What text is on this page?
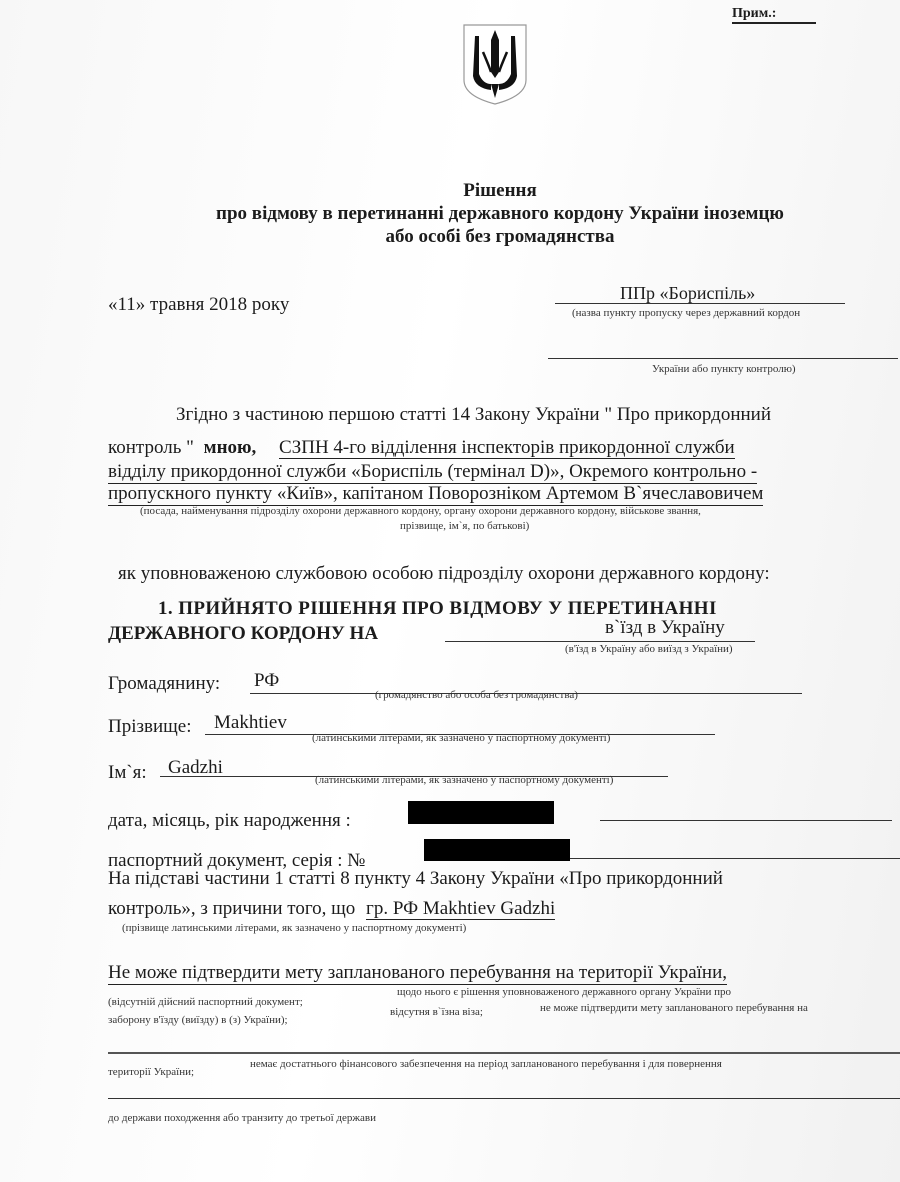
Прим.:
Рішення
про відмову в перетинанні державного кордону України іноземцю
або особі без громадянства
«11» травня 2018 року
ППр «Бориспіль»
(назва пункту пропуску через державний кордон
України або пункту контролю)
Згідно з частиною першою статті 14 Закону України " Про прикордонний
контроль " мною, СЗПН 4-го відділення інспекторів прикордонної служби
відділу прикордонної служби «Бориспіль (термінал D)», Окремого контрольно -
пропускного пункту «Київ», капітаном Поворозніком Артемом В`ячеславовичем
(посада, найменування підрозділу охорони державного кордону, органу охорони державного кордону, військове звання,
прізвище, ім`я, по батькові)
як уповноваженою службовою особою підрозділу охорони державного кордону:
1. ПРИЙНЯТО РІШЕННЯ ПРО ВІДМОВУ У ПЕРЕТИНАННІ
ДЕРЖАВНОГО КОРДОНУ НА	в`їзд в Україну
(в'їзд в Україну або виїзд з України)
Громадянину: РФ
(громадянство або особа без громадянства)
Прізвище: Makhtiev
(латинськими літерами, як зазначено у паспортному документі)
Ім`я: Gadzhi
(латинськими літерами, як зазначено у паспортному документі)
дата, місяць, рік народження :
паспортний документ, серія : №
На підставі частини 1 статті 8 пункту 4 Закону України «Про прикордонний
контроль», з причини того, що гр. РФ Makhtiev Gadzhi
(прізвище латинськими літерами, як зазначено у паспортному документі)
Не може підтвердити мету запланованого перебування на території України,
(відсутній дійсний паспортний документ;
щодо нього є рішення уповноваженого державного органу України про
заборону в'їзду (виїзду) в (з) України);
відсутня в`їзна віза;	не може підтвердити мету запланованого перебування на
території України;
немає достатнього фінансового забезпечення на період запланованого перебування і для повернення
до держави походження або транзиту до третьої держави
